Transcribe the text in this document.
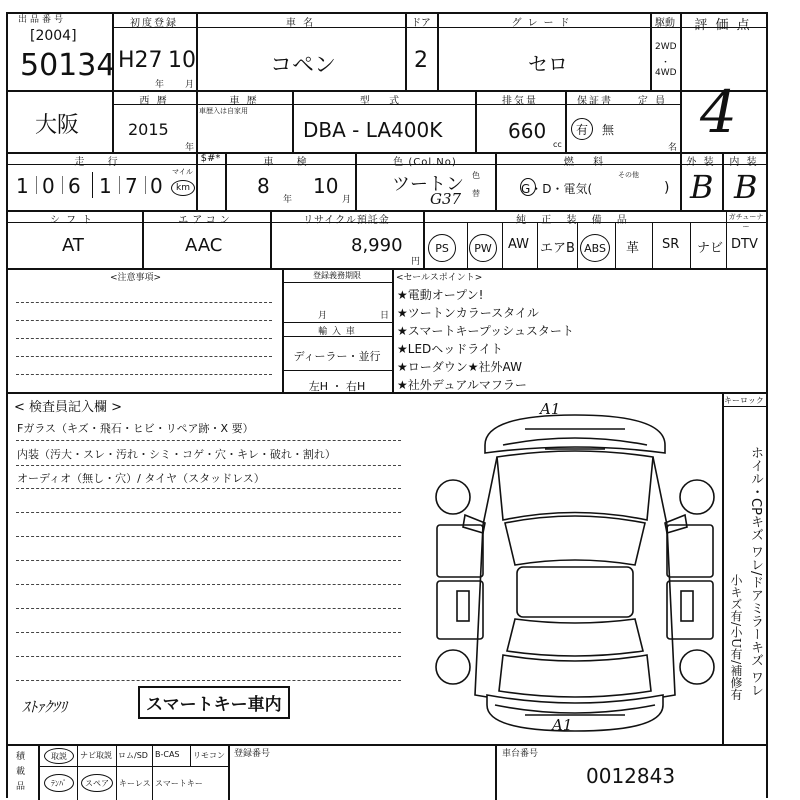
出品番号
[2004]
50134
初度登録
H27 10
年 月
車 名
コペン
ドア
2
グレード
セロ
駆動
2WD
・
4WD
評 価 点
4
大阪
西 暦
2015
年
車 歴
車歴入は自家用
型 式
DBA - LA400K
排気量
660
cc
保証書
有	無
定 員
名
走 行
1 0 6 1 7 0
マイル
km
$#*	車 検
8
年
10
月
色 (Col.No)
ツートン
G37
色
替
燃 料
G・D・電気(
その他
)
外 装
B
内 装
B
シフト
AT
エアコン
AAC
リサイクル預託金
8,990
円
純 正 装 備 品	ガチューナー
PS	PW	AW エアB ABS	革 SR ナビ DTV
<注意事項>	登録義務期限
月	日
輸 入 車
ディーラー・並行
左H ・ 右H
<セールスポイント>
★電動オープン!
★ツートンカラースタイル
★スマートキープッシュスタート
★LEDヘッドライト
★ローダウン★社外AW
★社外デュアルマフラー
< 検査員記入欄 >
Fガラス（キズ・飛石・ヒビ・リペア跡・X 要）
内装（汚大・スレ・汚れ・シミ・コゲ・穴・キレ・破れ・割れ）
オーディオ（無し・穴）/ タイヤ（スタッドレス）
ｽﾄｧｸﾂﾘ	スマートキー車内
A1
A1
キーロック
ホイル・CPキズ ワレ/ドアミラーキズ ワレ
小キズ有/小U有/補修有
積 載 品
取説	ナビ取説 ロム/SD B-CAS リモコン
ﾃﾝﾊﾟ	スペア	キーレス スマートキー
登録番号	車台番号
0012843
